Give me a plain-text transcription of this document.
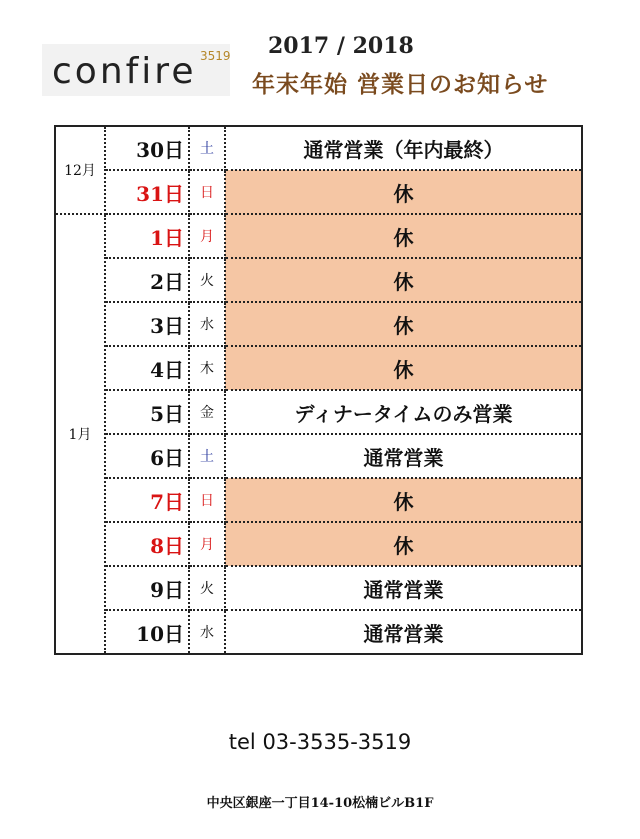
confire 3519 2017 / 2018
年末年始 営業日のお知らせ
12月	30日	土	通常営業（年内最終）
	31日	日	休
1月	1日	月	休
	2日	火	休
	3日	水	休
	4日	木	休
	5日	金	ディナータイムのみ営業
	6日	土	通常営業
	7日	日	休
	8日	月	休
	9日	火	通常営業
	10日	水	通常営業
tel 03-3535-3519
中央区銀座一丁目14-10松楠ビルB1F
